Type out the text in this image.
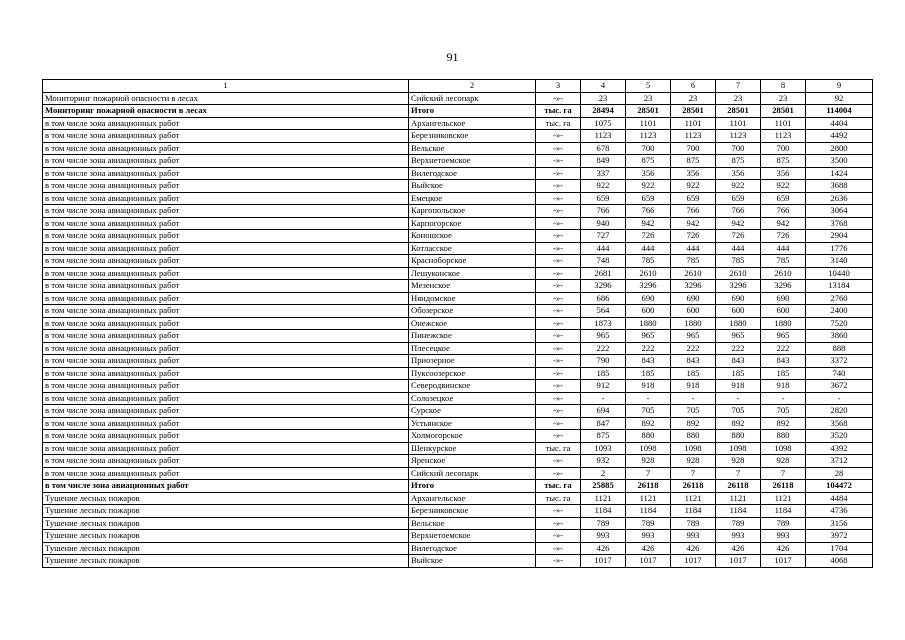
91
1	2	3	4	5	6	7	8	9
Мониторинг пожарной опасности в лесах	Сийский лесопарк	-»-	23	23	23	23	23	92
Мониторинг пожарной опасности в лесах	Итого	тыс. га	28494	28501	28501	28501	28501	114004
в том числе зона авиационных работ	Архангельское	тыс. га	1075	1101	1101	1101	1101	4404
в том числе зона авиационных работ	Березниковское	-»-	1123	1123	1123	1123	1123	4492
в том числе зона авиационных работ	Вельское	-»-	678	700	700	700	700	2800
в том числе зона авиационных работ	Верхнетоемское	-»-	849	875	875	875	875	3500
в том числе зона авиационных работ	Вилегодское	-»-	337	356	356	356	356	1424
в том числе зона авиационных работ	Выйское	-»-	922	922	922	922	922	3688
в том числе зона авиационных работ	Емецкое	-»-	659	659	659	659	659	2636
в том числе зона авиационных работ	Каргопольское	-»-	766	766	766	766	766	3064
в том числе зона авиационных работ	Карпогорское	-»-	940	942	942	942	942	3768
в том числе зона авиационных работ	Коношское	-»-	727	726	726	726	726	2904
в том числе зона авиационных работ	Котласское	-»-	444	444	444	444	444	1776
в том числе зона авиационных работ	Красноборское	-»-	748	785	785	785	785	3140
в том числе зона авиационных работ	Лешуконское	-»-	2681	2610	2610	2610	2610	10440
в том числе зона авиационных работ	Мезенское	-»-	3296	3296	3296	3296	3296	13184
в том числе зона авиационных работ	Няндомское	-»-	686	690	690	690	690	2760
в том числе зона авиационных работ	Обозерское	-»-	564	600	600	600	600	2400
в том числе зона авиационных работ	Онежское	-»-	1873	1880	1880	1880	1880	7520
в том числе зона авиационных работ	Пинежское	-»-	965	965	965	965	965	3860
в том числе зона авиационных работ	Плесецкое	-»-	222	222	222	222	222	888
в том числе зона авиационных работ	Приозерное	-»-	790	843	843	843	843	3372
в том числе зона авиационных работ	Пуксоозерское	-»-	185	185	185	185	185	740
в том числе зона авиационных работ	Северодвинское	-»-	912	918	918	918	918	3672
в том числе зона авиационных работ	Солозецкое	-»-	-	-	-	-	-	-
в том числе зона авиационных работ	Сурское	-»-	694	705	705	705	705	2820
в том числе зона авиационных работ	Устьянское	-»-	847	892	892	892	892	3568
в том числе зона авиационных работ	Холмогорское	-»-	875	880	880	880	880	3520
в том числе зона авиационных работ	Шенкурское	тыс. га	1093	1098	1098	1098	1098	4392
в том числе зона авиационных работ	Яренское	-»-	932	928	928	928	928	3712
в том числе зона авиационных работ	Сийский лесопарк	-»-	2	7	7	7	7	28
в том числе зона авиационных работ	Итого	тыс. га	25885	26118	26118	26118	26118	104472
Тушение лесных пожаров	Архангельское	тыс. га	1121	1121	1121	1121	1121	4484
Тушение лесных пожаров	Березниковское	-»-	1184	1184	1184	1184	1184	4736
Тушение лесных пожаров	Вельское	-»-	789	789	789	789	789	3156
Тушение лесных пожаров	Верхнетоемское	-»-	993	993	993	993	993	3972
Тушение лесных пожаров	Вилегодское	-»-	426	426	426	426	426	1704
Тушение лесных пожаров	Выйское	-»-	1017	1017	1017	1017	1017	4068
